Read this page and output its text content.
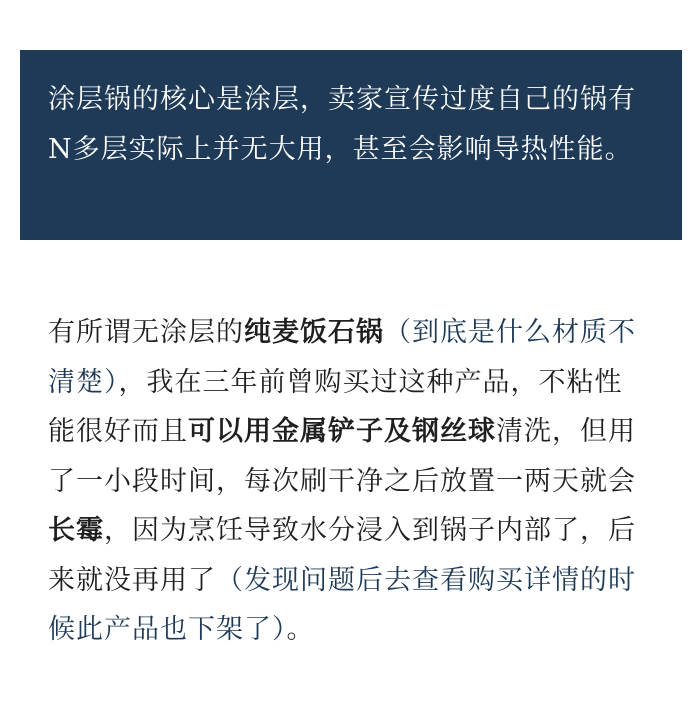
涂层锅的核心是涂层，卖家宣传过度自己的锅有N多层实际上并无大用，甚至会影响导热性能。

有所谓无涂层的纯麦饭石锅（到底是什么材质不清楚），我在三年前曾购买过这种产品，不粘性能很好而且可以用金属铲子及钢丝球清洗，但用了一小段时间，每次刷干净之后放置一两天就会长霉，因为烹饪导致水分浸入到锅子内部了，后来就没再用了（发现问题后去查看购买详情的时候此产品也下架了）。
